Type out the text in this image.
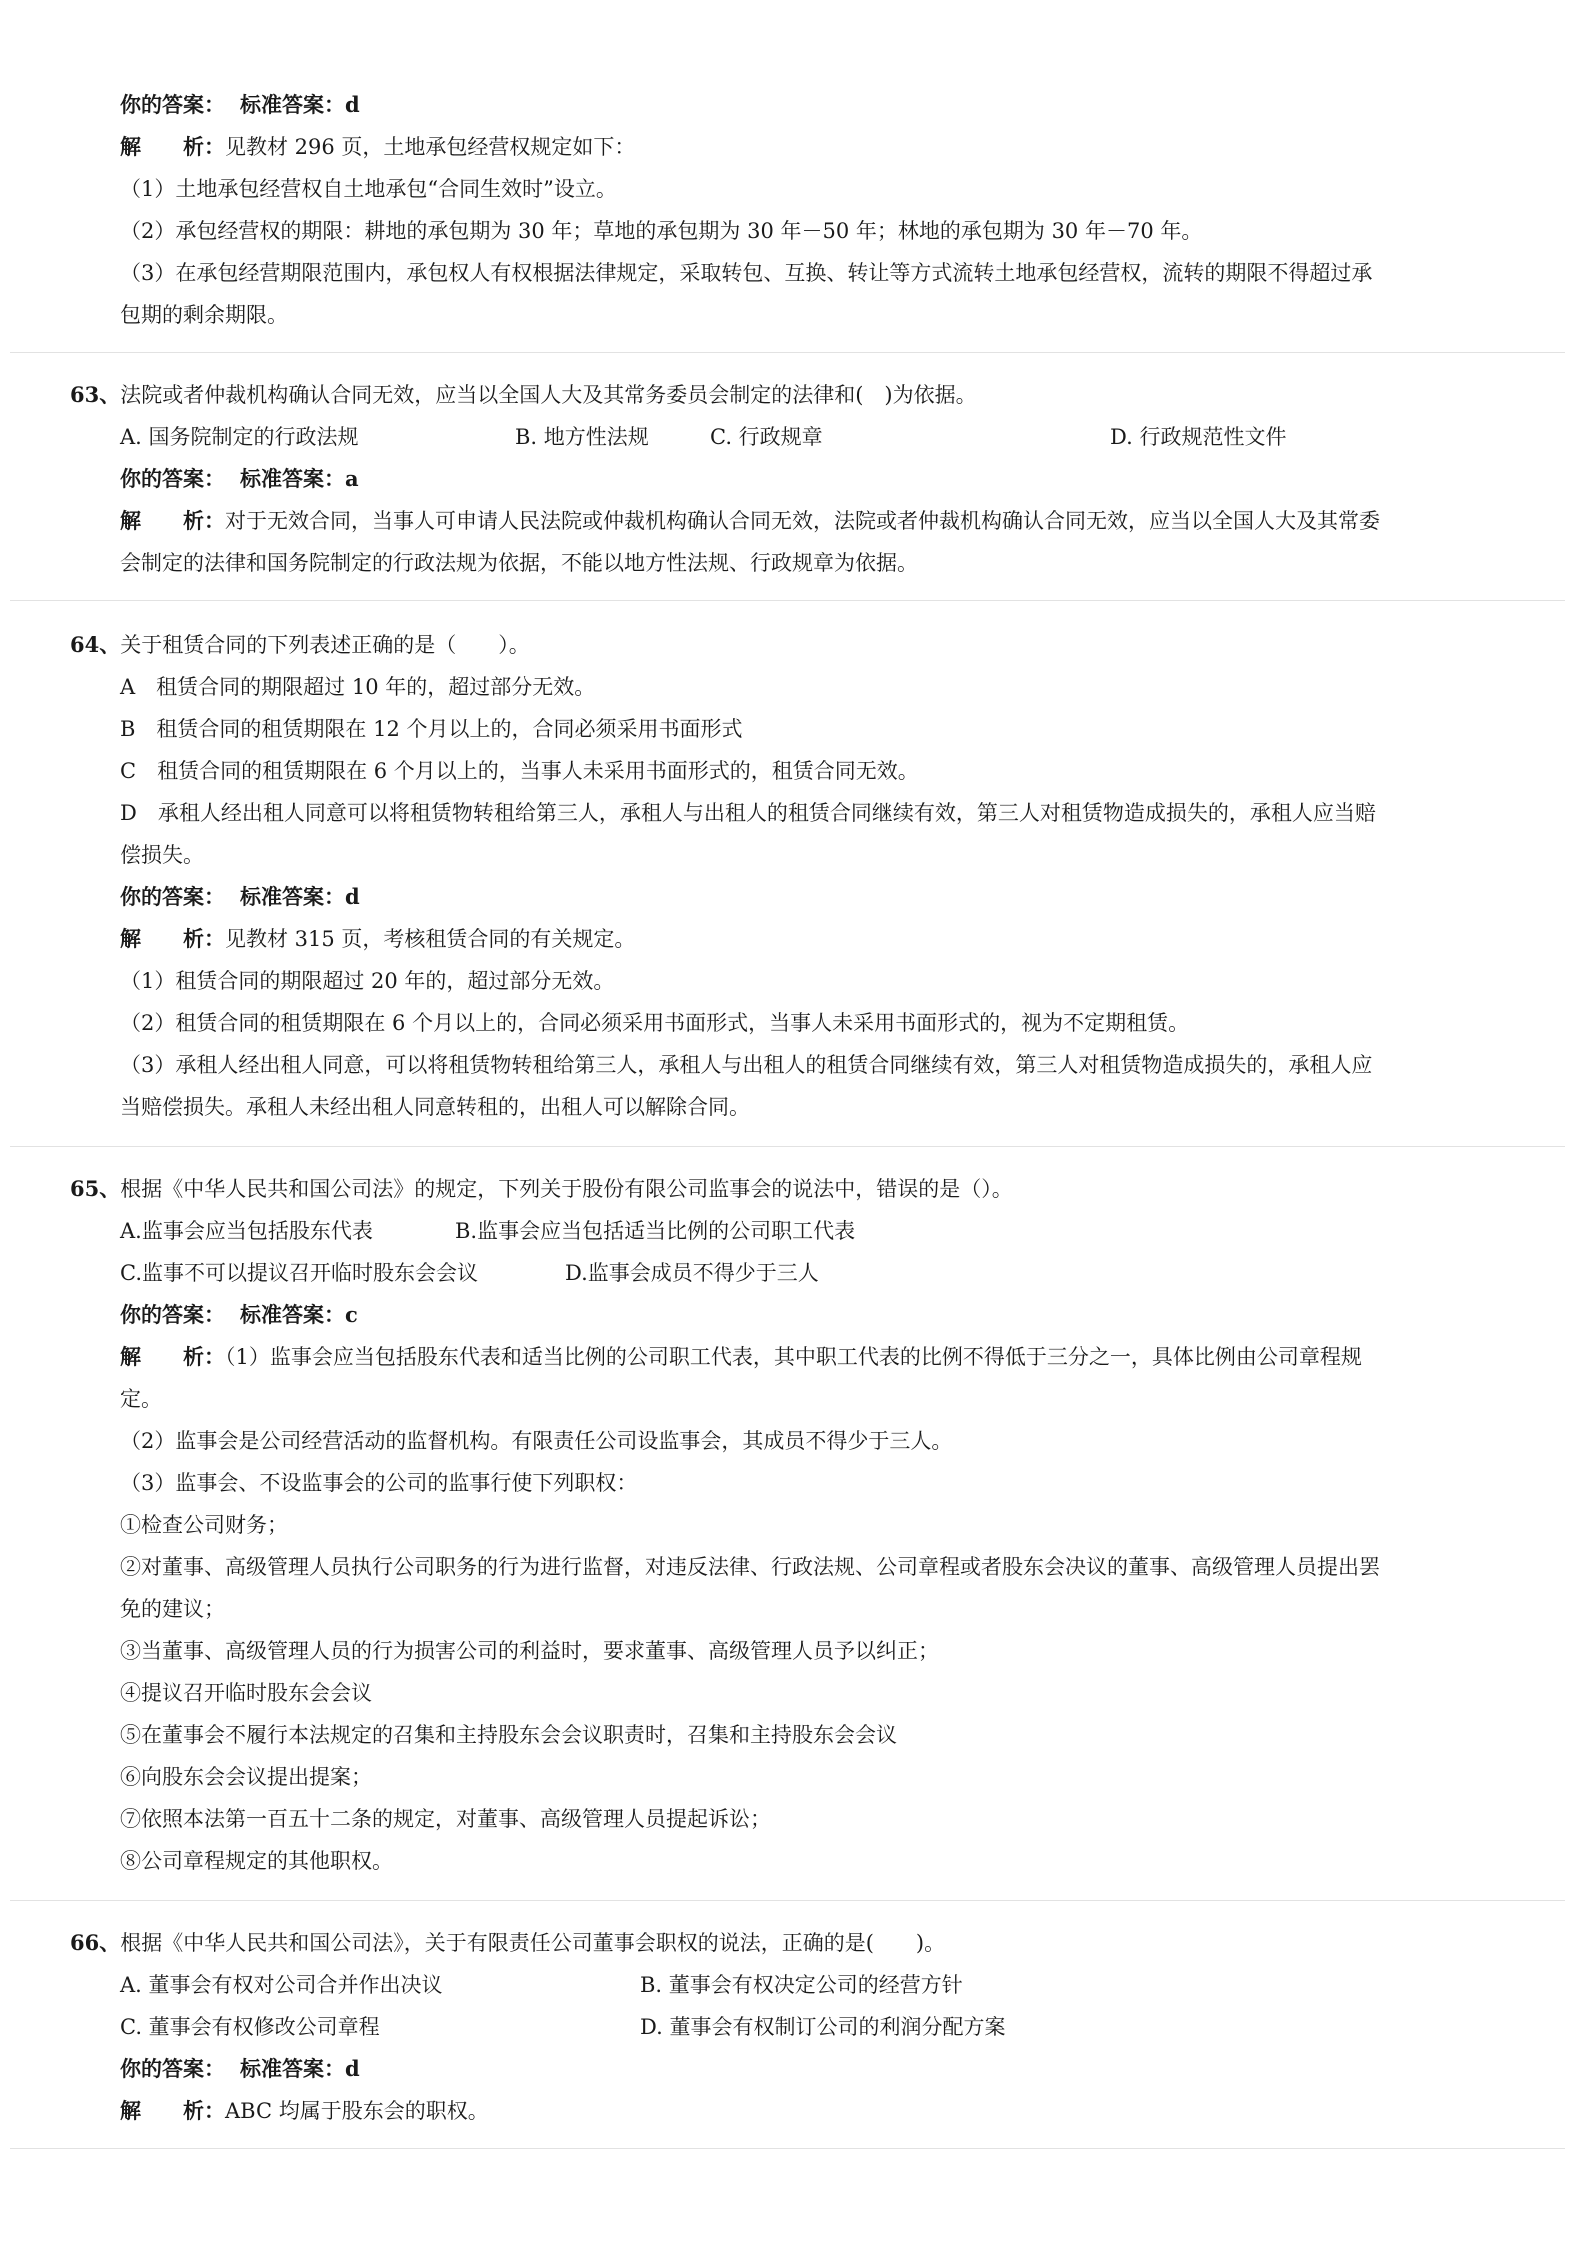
你的答案： 标准答案：d
解　　析：见教材 296 页，土地承包经营权规定如下：
（1）土地承包经营权自土地承包“合同生效时”设立。
（2）承包经营权的期限：耕地的承包期为 30 年；草地的承包期为 30 年－50 年；林地的承包期为 30 年－70 年。
（3）在承包经营期限范围内，承包权人有权根据法律规定，采取转包、互换、转让等方式流转土地承包经营权，流转的期限不得超过承
包期的剩余期限。
63、法院或者仲裁机构确认合同无效，应当以全国人大及其常务委员会制定的法律和(　)为依据。
A. 国务院制定的行政法规	B. 地方性法规	C. 行政规章	D. 行政规范性文件
你的答案： 标准答案：a
解　　析：对于无效合同，当事人可申请人民法院或仲裁机构确认合同无效，法院或者仲裁机构确认合同无效，应当以全国人大及其常委
会制定的法律和国务院制定的行政法规为依据，不能以地方性法规、行政规章为依据。
64、关于租赁合同的下列表述正确的是（　　）。
A　租赁合同的期限超过 10 年的，超过部分无效。
B　租赁合同的租赁期限在 12 个月以上的，合同必须采用书面形式
C　租赁合同的租赁期限在 6 个月以上的，当事人未采用书面形式的，租赁合同无效。
D　承租人经出租人同意可以将租赁物转租给第三人，承租人与出租人的租赁合同继续有效，第三人对租赁物造成损失的，承租人应当赔
偿损失。
你的答案： 标准答案：d
解　　析：见教材 315 页，考核租赁合同的有关规定。
（1）租赁合同的期限超过 20 年的，超过部分无效。
（2）租赁合同的租赁期限在 6 个月以上的，合同必须采用书面形式，当事人未采用书面形式的，视为不定期租赁。
（3）承租人经出租人同意，可以将租赁物转租给第三人，承租人与出租人的租赁合同继续有效，第三人对租赁物造成损失的，承租人应
当赔偿损失。承租人未经出租人同意转租的，出租人可以解除合同。
65、根据《中华人民共和国公司法》的规定，下列关于股份有限公司监事会的说法中，错误的是（）。
A.监事会应当包括股东代表	B.监事会应当包括适当比例的公司职工代表
C.监事不可以提议召开临时股东会会议	D.监事会成员不得少于三人
你的答案： 标准答案：c
解　　析：（1）监事会应当包括股东代表和适当比例的公司职工代表，其中职工代表的比例不得低于三分之一，具体比例由公司章程规
定。
（2）监事会是公司经营活动的监督机构。有限责任公司设监事会，其成员不得少于三人。
（3）监事会、不设监事会的公司的监事行使下列职权：
①检查公司财务；
②对董事、高级管理人员执行公司职务的行为进行监督，对违反法律、行政法规、公司章程或者股东会决议的董事、高级管理人员提出罢
免的建议；
③当董事、高级管理人员的行为损害公司的利益时，要求董事、高级管理人员予以纠正；
④提议召开临时股东会会议
⑤在董事会不履行本法规定的召集和主持股东会会议职责时，召集和主持股东会会议
⑥向股东会会议提出提案；
⑦依照本法第一百五十二条的规定，对董事、高级管理人员提起诉讼；
⑧公司章程规定的其他职权。
66、根据《中华人民共和国公司法》，关于有限责任公司董事会职权的说法，正确的是(　　)。
A. 董事会有权对公司合并作出决议	B. 董事会有权决定公司的经营方针
C. 董事会有权修改公司章程	D. 董事会有权制订公司的利润分配方案
你的答案： 标准答案：d
解　　析：ABC 均属于股东会的职权。
